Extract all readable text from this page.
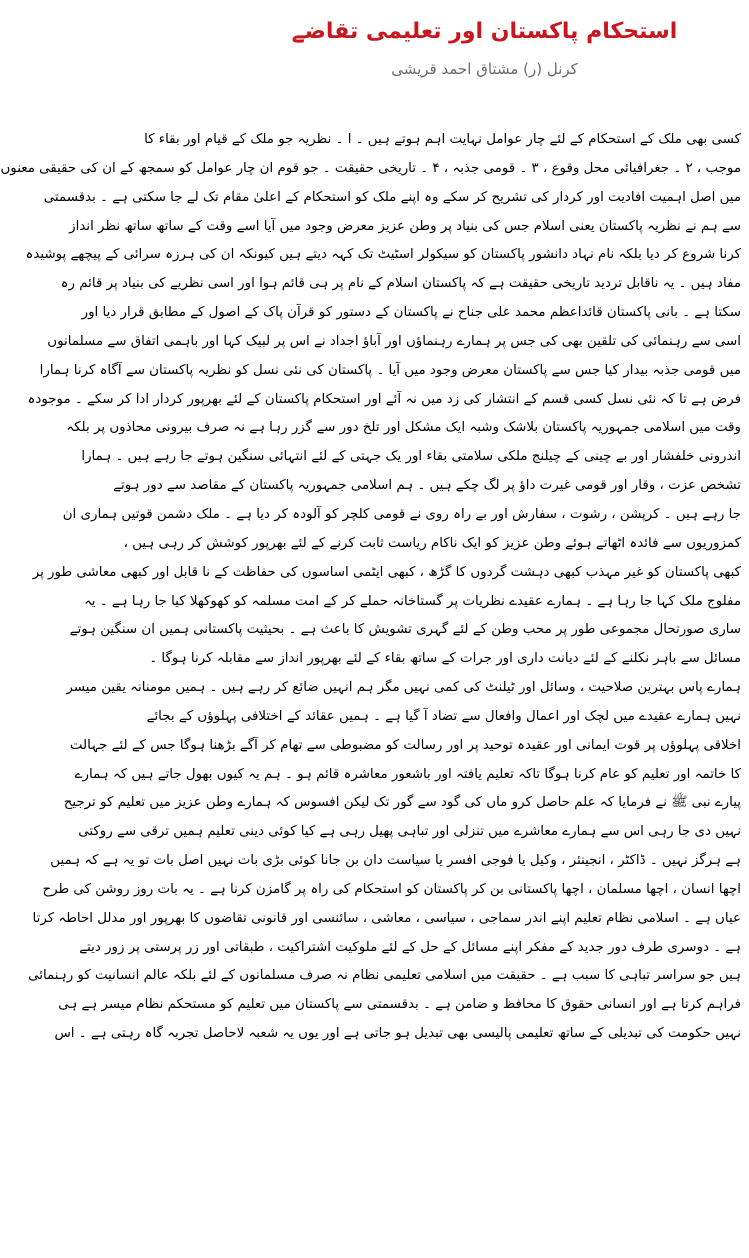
استحکام پاکستان اور تعلیمی تقاضے
کرنل (ر) مشتاق احمد قریشی
کسی بھی ملک کے استحکام کے لئے چار عوامل نہایت اہم ہوتے ہیں ۔ ا ۔ نظریہ جو ملک کے قیام اور بقاء کا
موجب ، ۲ ۔ جغرافیائی محل وقوع ، ۳ ۔ قومی جذبہ ، ۴ ۔ تاریخی حقیقت ۔ جو قوم ان چار عوامل کو سمجھ کے ان کی حقیقی معنوں
میں اصل اہمیت افادیت اور کردار کی تشریح کر سکے وہ اپنے ملک کو استحکام کے اعلیٰ مقام تک لے جا سکتی ہے ۔ بدقسمتی
سے ہم نے نظریہ پاکستان یعنی اسلام جس کی بنیاد پر وطن عزیز معرض وجود میں آیا اسے وقت کے ساتھ ساتھ نظر انداز
کرنا شروع کر دیا بلکہ نام نہاد دانشور پاکستان کو سیکولر اسٹیٹ تک کہہ دیتے ہیں کیونکہ ان کی ہرزہ سرائی کے پیچھے پوشیدہ
مفاد ہیں ۔ یہ ناقابل تردید تاریخی حقیقت ہے کہ پاکستان اسلام کے نام پر ہی قائم ہوا اور اسی نظریے کی بنیاد پر قائم رہ
سکتا ہے ۔ بانی پاکستان قائداعظم محمد علی جناح نے پاکستان کے دستور کو قرآن پاک کے اصول کے مطابق قرار دیا اور
اسی سے رہنمائی کی تلقین بھی کی جس پر ہمارے رہنماؤں اور آباؤ اجداد نے اس پر لبیک کہا اور باہمی اتفاق سے مسلمانوں
میں قومی جذبہ بیدار کیا جس سے پاکستان معرض وجود میں آیا ۔ پاکستان کی نئی نسل کو نظریہ پاکستان سے آگاہ کرنا ہمارا
فرض ہے تا کہ نئی نسل کسی قسم کے انتشار کی زد میں نہ آئے اور استحکام پاکستان کے لئے بھرپور کردار ادا کر سکے ۔ موجودہ
وقت میں اسلامی جمہوریہ پاکستان بلاشک وشبہ ایک مشکل اور تلخ دور سے گزر رہا ہے نہ صرف بیرونی محاذوں پر بلکہ
اندرونی خلفشار اور بے چینی کے چیلنج ملکی سلامتی بقاء اور یک جہتی کے لئے انتہائی سنگین ہوتے جا رہے ہیں ۔ ہمارا
تشخص عزت ، وقار اور قومی غیرت داؤ پر لگ چکے ہیں ۔ ہم اسلامی جمہوریہ پاکستان کے مقاصد سے دور ہوتے
جا رہے ہیں ۔ کرپشن ، رشوت ، سفارش اور بے راہ روی نے قومی کلچر کو آلودہ کر دیا ہے ۔ ملک دشمن قوتیں ہماری ان
کمزوریوں سے فائدہ اٹھاتے ہوئے وطن عزیز کو ایک ناکام ریاست ثابت کرنے کے لئے بھرپور کوشش کر رہی ہیں ،
کبھی پاکستان کو غیر مہذب کبھی دہشت گردوں کا گڑھ ، کبھی ایٹمی اساسوں کی حفاظت کے نا قابل اور کبھی معاشی طور پر
مفلوج ملک کہا جا رہا ہے ۔ ہمارے عقیدے نظریات پر گستاخانہ حملے کر کے امت مسلمہ کو کھوکھلا کیا جا رہا ہے ۔ یہ
ساری صورتحال مجموعی طور پر محب وطن کے لئے گہری تشویش کا باعث ہے ۔ بحیثیت پاکستانی ہمیں ان سنگین ہوتے
مسائل سے باہر نکلنے کے لئے دیانت داری اور جرات کے ساتھ بقاء کے لئے بھرپور انداز سے مقابلہ کرنا ہوگا ۔
ہمارے پاس بہترین صلاحیت ، وسائل اور ٹیلنٹ کی کمی نہیں مگر ہم انہیں ضائع کر رہے ہیں ۔ ہمیں مومنانہ یقین میسر
نہیں ہمارے عقیدے میں لچک اور اعمال وافعال سے تضاد آ گیا ہے ۔ ہمیں عقائد کے اختلافی پہلوؤں کے بجائے
اخلاقی پہلوؤں پر قوت ایمانی اور عقیدہ توحید پر اور رسالت کو مضبوطی سے تھام کر آگے بڑھنا ہوگا جس کے لئے جہالت
کا خاتمہ اور تعلیم کو عام کرنا ہوگا تاکہ تعلیم یافتہ اور باشعور معاشرہ قائم ہو ۔ ہم یہ کیوں بھول جاتے ہیں کہ ہمارے
پیارے نبی ﷺ نے فرمایا کہ علم حاصل کرو ماں کی گود سے گور تک لیکن افسوس کہ ہمارے وطن عزیز میں تعلیم کو ترجیح
نہیں دی جا رہی اس سے ہمارے معاشرے میں تنزلی اور تباہی پھیل رہی ہے کیا کوئی دینی تعلیم ہمیں ترقی سے روکتی
ہے ہرگز نہیں ۔ ڈاکٹر ، انجینئر ، وکیل یا فوجی افسر یا سیاست دان بن جانا کوئی بڑی بات نہیں اصل بات تو یہ ہے کہ ہمیں
اچھا انسان ، اچھا مسلمان ، اچھا پاکستانی بن کر پاکستان کو استحکام کی راہ پر گامزن کرنا ہے ۔ یہ بات روز روشن کی طرح
عیاں ہے ۔ اسلامی نظام تعلیم اپنے اندر سماجی ، سیاسی ، معاشی ، سائنسی اور قانونی تقاضوں کا بھرپور اور مدلل احاطہ کرتا
ہے ۔ دوسری طرف دور جدید کے مفکر اپنے مسائل کے حل کے لئے ملوکیت اشتراکیت ، طبقاتی اور زر پرستی پر زور دیتے
ہیں جو سراسر تباہی کا سبب ہے ۔ حقیقت میں اسلامی تعلیمی نظام نہ صرف مسلمانوں کے لئے بلکہ عالم انسانیت کو رہنمائی
فراہم کرتا ہے اور انسانی حقوق کا محافظ و ضامن ہے ۔ بدقسمتی سے پاکستان میں تعلیم کو مستحکم نظام میسر ہے ہی
نہیں حکومت کی تبدیلی کے ساتھ تعلیمی پالیسی بھی تبدیل ہو جاتی ہے اور یوں یہ شعبہ لاحاصل تجربہ گاہ رہتی ہے ۔ اس
